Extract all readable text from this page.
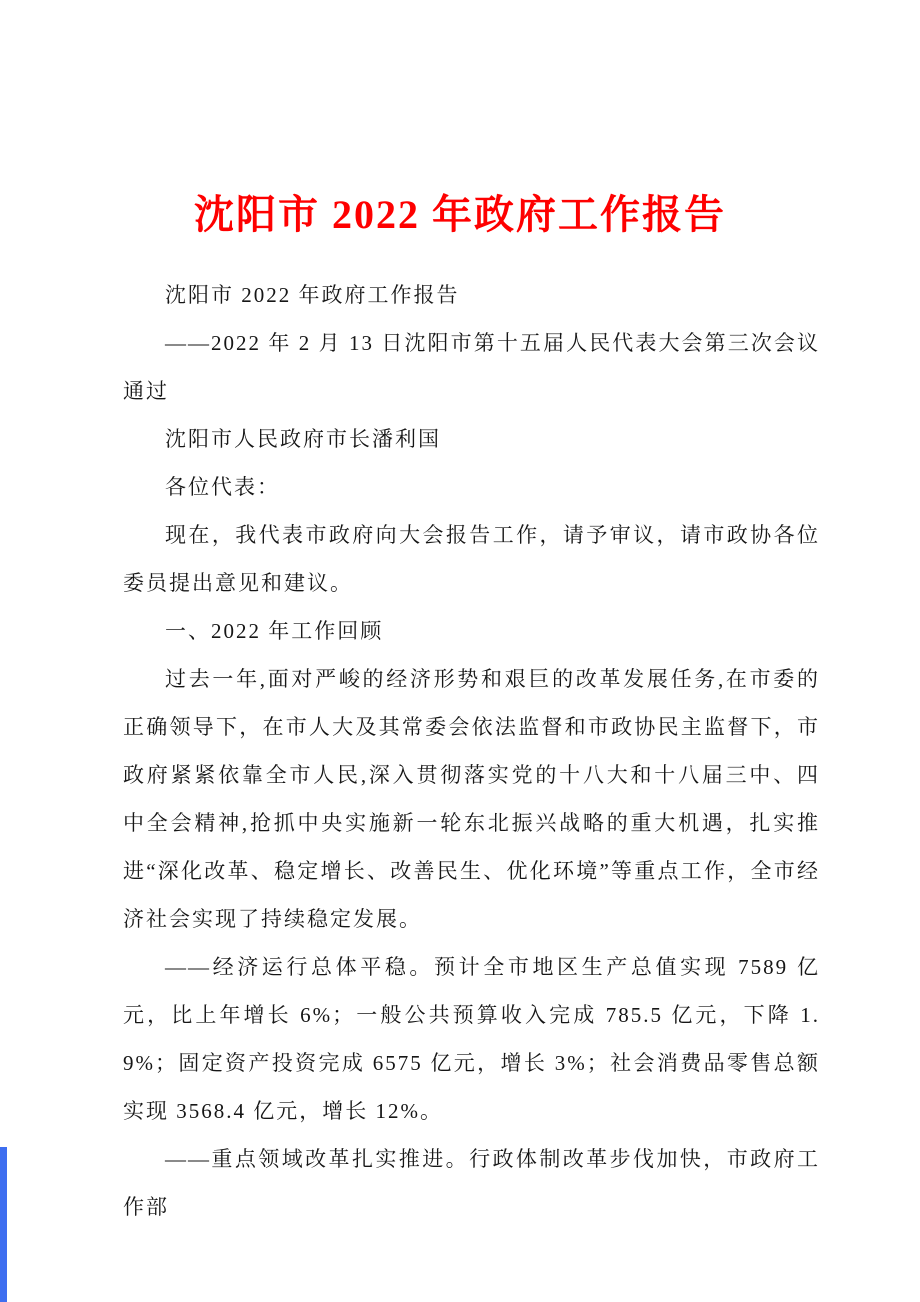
沈阳市 2022 年政府工作报告

沈阳市 2022 年政府工作报告

——2022 年 2 月 13 日沈阳市第十五届人民代表大会第三次会议通过

沈阳市人民政府市长潘利国

各位代表：

现在，我代表市政府向大会报告工作，请予审议，请市政协各位委员提出意见和建议。

一、2022 年工作回顾

过去一年,面对严峻的经济形势和艰巨的改革发展任务,在市委的正确领导下，在市人大及其常委会依法监督和市政协民主监督下，市政府紧紧依靠全市人民,深入贯彻落实党的十八大和十八届三中、四中全会精神,抢抓中央实施新一轮东北振兴战略的重大机遇，扎实推进“深化改革、稳定增长、改善民生、优化环境”等重点工作，全市经济社会实现了持续稳定发展。

——经济运行总体平稳。预计全市地区生产总值实现 7589 亿元，比上年增长 6%；一般公共预算收入完成 785.5 亿元，下降 1.9%；固定资产投资完成 6575 亿元，增长 3%；社会消费品零售总额实现 3568.4 亿元，增长 12%。

——重点领域改革扎实推进。行政体制改革步伐加快，市政府工作部
